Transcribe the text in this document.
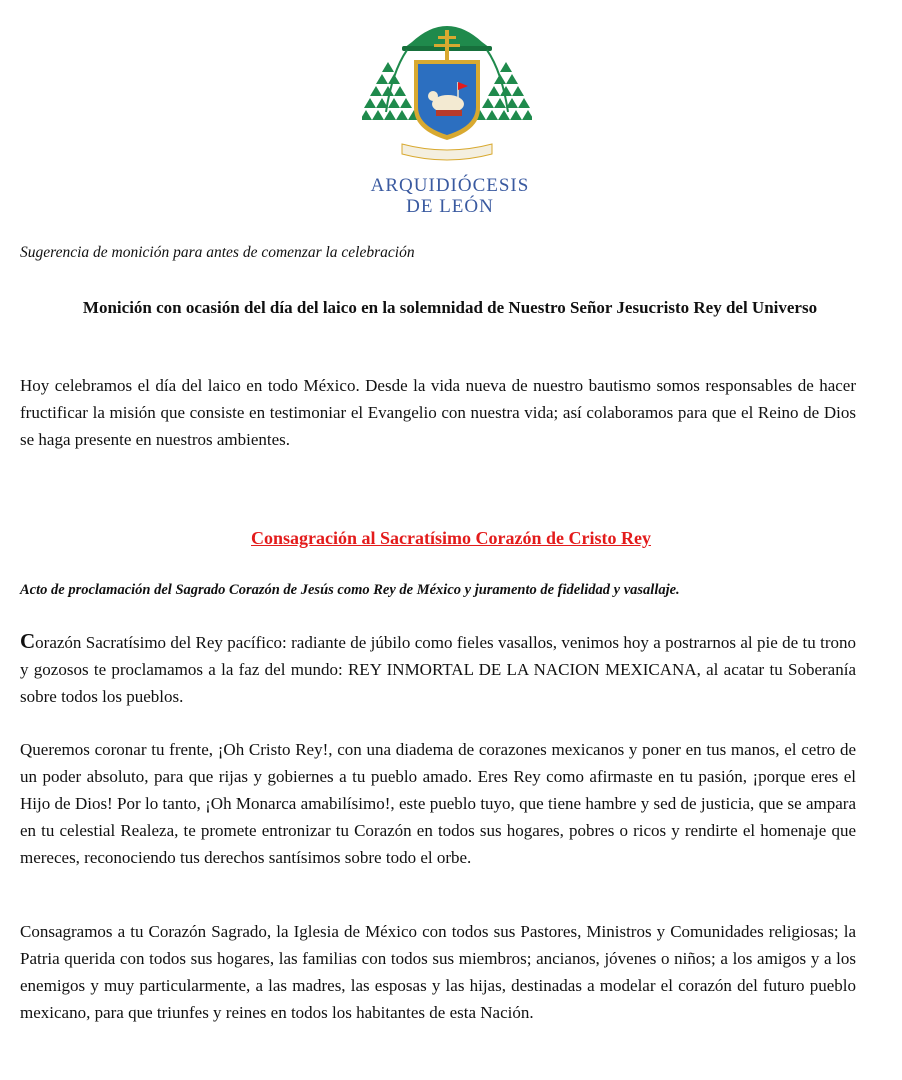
ARQUIDIÓCESIS
DE LEÓN
Sugerencia de monición para antes de comenzar la celebración
Monición con ocasión del día del laico en la solemnidad de Nuestro Señor Jesucristo Rey del Universo
Hoy celebramos el día del laico en todo México. Desde la vida nueva de nuestro bautismo somos responsables de hacer fructificar la misión que consiste en testimoniar el Evangelio con nuestra vida; así colaboramos para que el Reino de Dios se haga presente en nuestros ambientes.
Consagración al Sacratísimo Corazón de Cristo Rey
Acto de proclamación del Sagrado Corazón de Jesús como Rey de México y juramento de fidelidad y vasallaje.
Corazón Sacratísimo del Rey pacífico: radiante de júbilo como fieles vasallos, venimos hoy a postrarnos al pie de tu trono y gozosos te proclamamos a la faz del mundo: REY INMORTAL DE LA NACION MEXICANA, al acatar tu Soberanía sobre todos los pueblos.
Queremos coronar tu frente, ¡Oh Cristo Rey!, con una diadema de corazones mexicanos y poner en tus manos, el cetro de un poder absoluto, para que rijas y gobiernes a tu pueblo amado. Eres Rey como afirmaste en tu pasión, ¡porque eres el Hijo de Dios! Por lo tanto, ¡Oh Monarca amabilísimo!, este pueblo tuyo, que tiene hambre y sed de justicia, que se ampara en tu celestial Realeza, te promete entronizar tu Corazón en todos sus hogares, pobres o ricos y rendirte el homenaje que mereces, reconociendo tus derechos santísimos sobre todo el orbe.
Consagramos a tu Corazón Sagrado, la Iglesia de México con todos sus Pastores, Ministros y Comunidades religiosas; la Patria querida con todos sus hogares, las familias con todos sus miembros; ancianos, jóvenes o niños; a los amigos y a los enemigos y muy particularmente, a las madres, las esposas y las hijas, destinadas a modelar el corazón del futuro pueblo mexicano, para que triunfes y reines en todos los habitantes de esta Nación.
